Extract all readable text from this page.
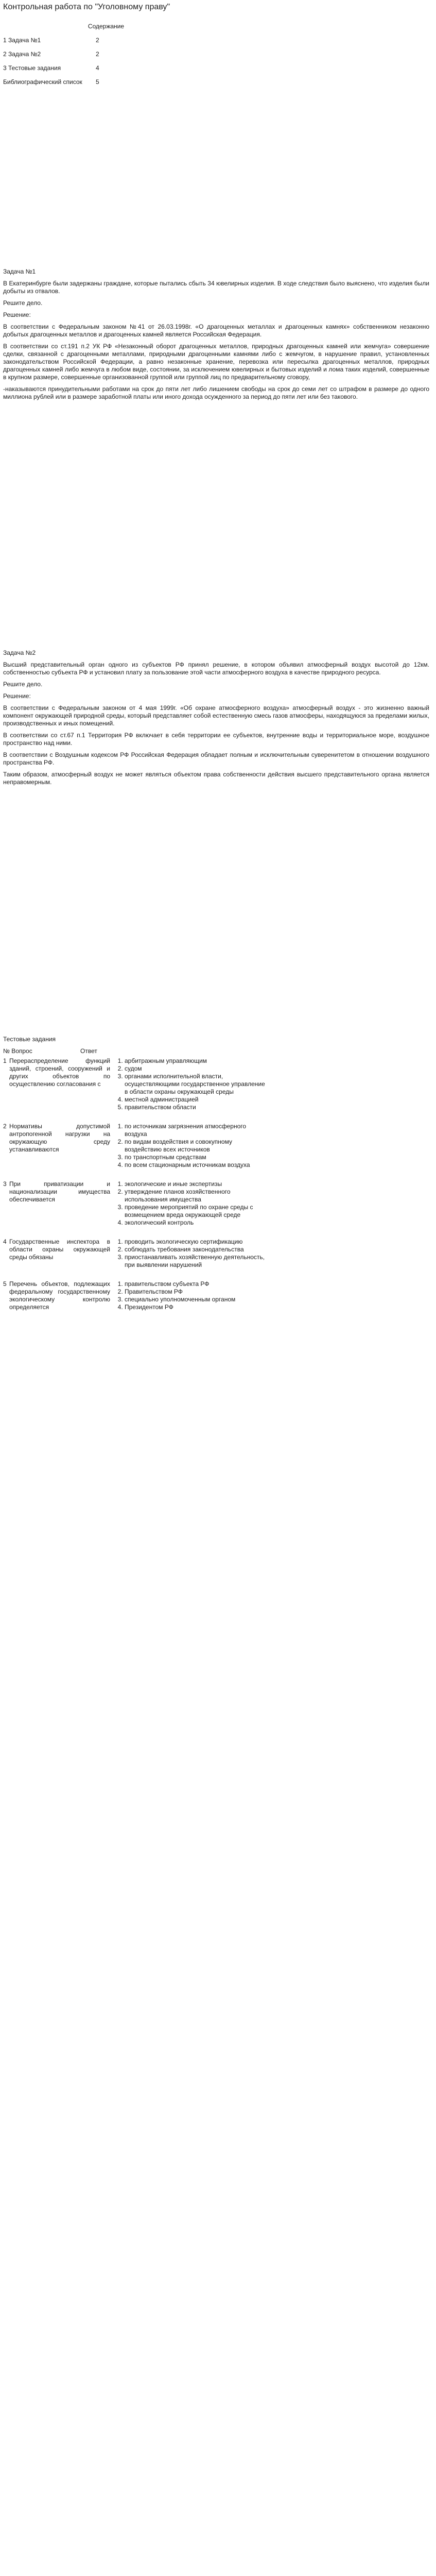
Контрольная работа по "Уголовному праву"
Содержание
1 Задача №1	2
2 Задача №2	2
3 Тестовые задания	4
Библиографический список	5
Задача №1

В Екатеринбурге были задержаны граждане, которые пытались сбыть 34 ювелирных изделия. В ходе следствия было выяснено, что изделия были добыты из отвалов.

Решите дело.

Решение:

В соответствии с Федеральным законом №41 от 26.03.1998г. «О драгоценных металлах и драгоценных камнях» собственником незаконно добытых драгоценных металлов и драгоценных камней является Российская Федерация.

В соответствии со ст.191 п.2 УК РФ «Незаконный оборот драгоценных металлов, природных драгоценных камней или жемчуга» совершение сделки, связанной с драгоценными металлами, природными драгоценными камнями либо с жемчугом, в нарушение правил, установленных законодательством Российской Федерации, а равно незаконные хранение, перевозка или пересылка драгоценных металлов, природных драгоценных камней либо жемчуга в любом виде, состоянии, за исключением ювелирных и бытовых изделий и лома таких изделий, совершенные в крупном размере, совершенные организованной группой или группой лиц по предварительному сговору,

-наказываются принудительными работами на срок до пяти лет либо лишением свободы на срок до семи лет со штрафом в размере до одного миллиона рублей или в размере заработной платы или иного дохода осужденного за период до пяти лет или без такового.

Задача №2

Высший представительный орган одного из субъектов РФ принял решение, в котором объявил атмосферный воздух высотой до 12км. собственностью субъекта РФ и установил плату за пользование этой части атмосферного воздуха в качестве природного ресурса.

Решите дело.

Решение:

В соответствии с Федеральным законом от 4 мая 1999г. «Об охране атмосферного воздуха» атмосферный воздух - это жизненно важный компонент окружающей природной среды, который представляет собой естественную смесь газов атмосферы, находящуюся за пределами жилых, производственных и иных помещений.

В соответствии со ст.67 п.1 Территория РФ включает в себя территории ее субъектов, внутренние воды и территориальное море, воздушное пространство над ними.

В соответствии с Воздушным кодексом РФ Российская Федерация обладает полным и исключительным суверенитетом в отношении воздушного пространства РФ.

Таким образом, атмосферный воздух не может являться объектом права собственности действия высшего представительного органа является неправомерным.

Тестовые задания
№ Вопрос	Ответ
1 Перераспределение функций зданий, строений, сооружений и других объектов по осуществлению согласования с
1. арбитражным управляющим
2. судом
3. органами исполнительной власти, осуществляющими государственное управление в области охраны окружающей среды
4. местной администрацией
5. правительством области
2 Нормативы допустимой антропогенной нагрузки на окружающую среду устанавливаются
1. по источникам загрязнения атмосферного воздуха
2. по видам воздействия и совокупному воздействию всех источников
3. по транспортным средствам
4. по всем стационарным источникам воздуха
3 При приватизации и национализации имущества обеспечивается
1. экологические и иные экспертизы
2. утверждение планов хозяйственного использования имущества
3. проведение мероприятий по охране среды с возмещением вреда окружающей среде
4. экологический контроль
4 Государственные инспектора в области охраны окружающей среды обязаны
1. проводить экологическую сертификацию
2. соблюдать требования законодательства
3. приостанавливать хозяйственную деятельность, при выявлении нарушений
5 Перечень объектов, подлежащих федеральному государственному экологическому контролю определяется
1. правительством субъекта РФ
2. Правительством РФ
3. специально уполномоченным органом
4. Президентом РФ
